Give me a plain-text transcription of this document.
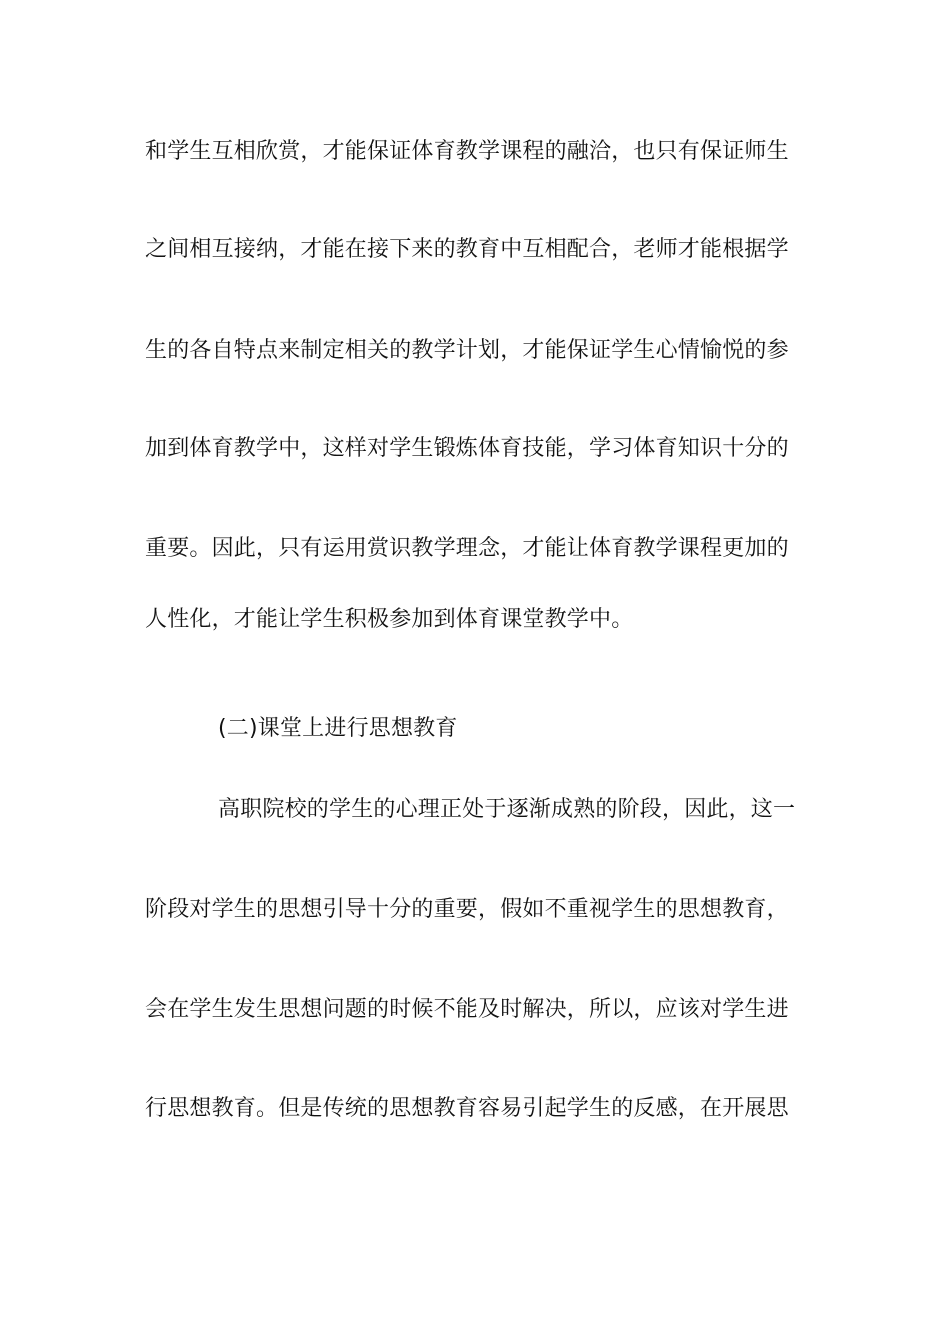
和学生互相欣赏，才能保证体育教学课程的融洽，也只有保证师生
之间相互接纳，才能在接下来的教育中互相配合，老师才能根据学
生的各自特点来制定相关的教学计划，才能保证学生心情愉悦的参
加到体育教学中，这样对学生锻炼体育技能，学习体育知识十分的
重要。因此，只有运用赏识教学理念，才能让体育教学课程更加的
人性化，才能让学生积极参加到体育课堂教学中。
(二)课堂上进行思想教育
高职院校的学生的心理正处于逐渐成熟的阶段，因此，这一
阶段对学生的思想引导十分的重要，假如不重视学生的思想教育，
会在学生发生思想问题的时候不能及时解决，所以，应该对学生进
行思想教育。但是传统的思想教育容易引起学生的反感，在开展思
